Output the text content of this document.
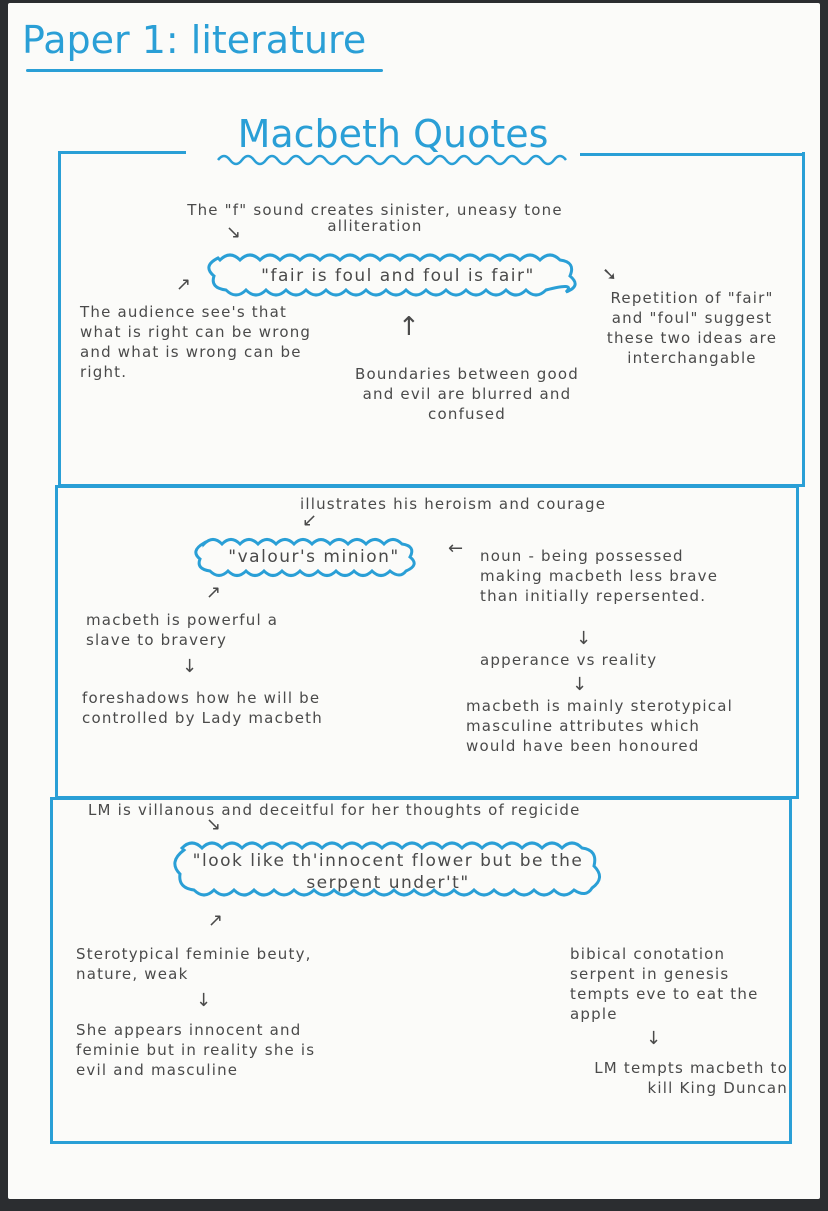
Paper 1: literature
Macbeth Quotes
The "f" sound creates sinister, uneasy tone
alliteration
↘
"fair is foul and foul is fair"
↗	➘
↑
The audience see's that what is right can be wrong and what is wrong can be right.	Boundaries between good and evil are blurred and confused
Repetition of "fair" and "foul" suggest these two ideas are interchangable
illustrates his heroism and courage
↙
"valour's minion"	←
↗
macbeth is powerful a slave to bravery
↓
foreshadows how he will be controlled by Lady macbeth
noun - being possessed making macbeth less brave than initially repersented.
↓
apperance vs reality
↓
macbeth is mainly sterotypical masculine attributes which would have been honoured
LM is villanous and deceitful for her thoughts of regicide
↘
"look like th'innocent flower but be the serpent under't"
↗
Sterotypical feminie beuty, nature, weak
↓
She appears innocent and feminie but in reality she is evil and masculine
bibical conotation serpent in genesis tempts eve to eat the apple
↓
LM tempts macbeth to kill King Duncan
